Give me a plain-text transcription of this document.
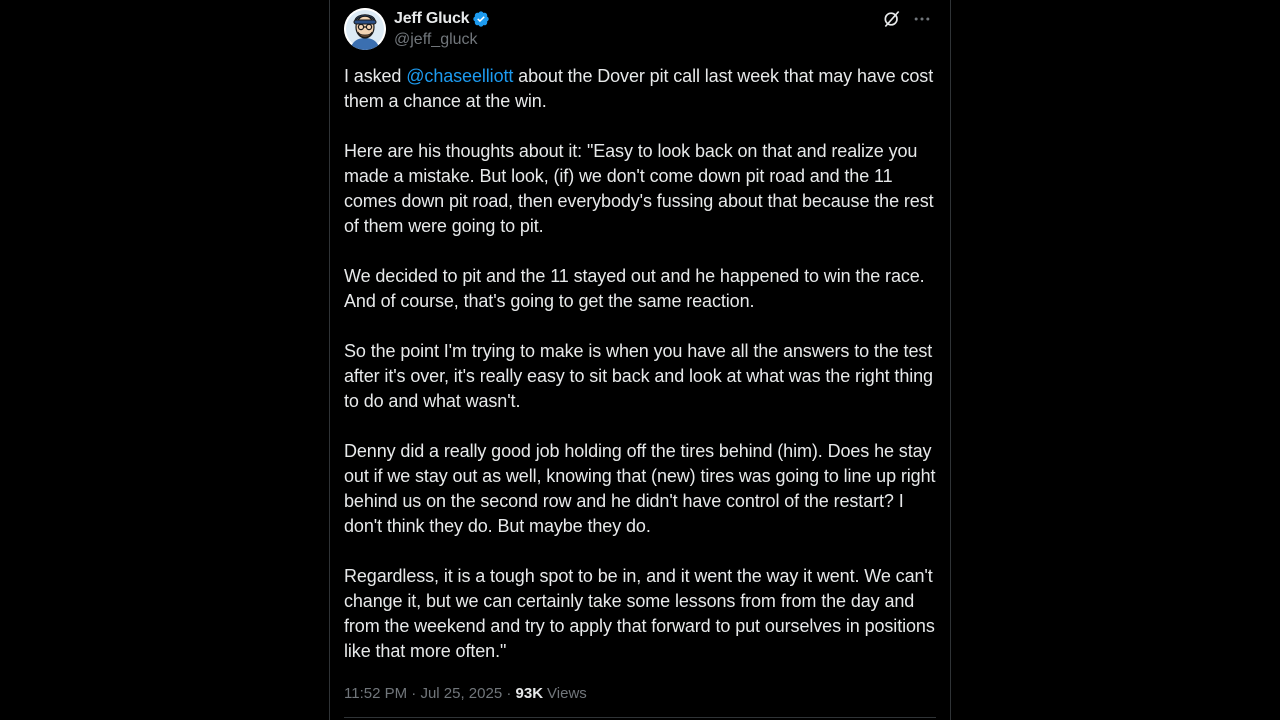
Jeff Gluck
@jeff_gluck

I asked @chaseelliott about the Dover pit call last week that may have cost them a chance at the win.

Here are his thoughts about it: "Easy to look back on that and realize you made a mistake. But look, (if) we don't come down pit road and the 11 comes down pit road, then everybody's fussing about that because the rest of them were going to pit.

We decided to pit and the 11 stayed out and he happened to win the race. And of course, that's going to get the same reaction.

So the point I'm trying to make is when you have all the answers to the test after it's over, it's really easy to sit back and look at what was the right thing to do and what wasn't.

Denny did a really good job holding off the tires behind (him). Does he stay out if we stay out as well, knowing that (new) tires was going to line up right behind us on the second row and he didn't have control of the restart? I don't think they do. But maybe they do.

Regardless, it is a tough spot to be in, and it went the way it went. We can't change it, but we can certainly take some lessons from from the day and from the weekend and try to apply that forward to put ourselves in positions like that more often."

11:52 PM · Jul 25, 2025 · 93K Views
